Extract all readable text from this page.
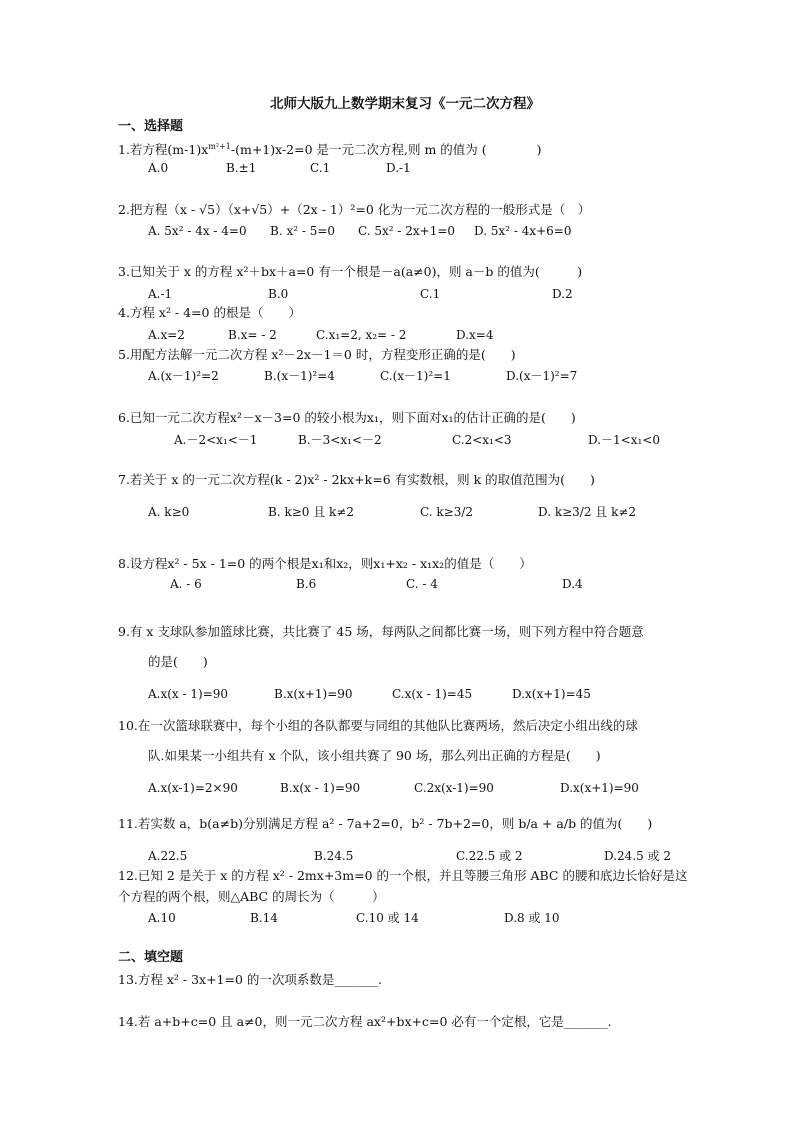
北师大版九上数学期末复习《一元二次方程》
一、选择题
1.若方程$(m-1)x^{m^2+1}-(m+1)x-2=0$ 是一元二次方程,则 m 的值为 (　　　　)
A.0	B.±1	C.1	D.-1
2.把方程（x - √5）（x+√5）+（2x - 1）²=0 化为一元二次方程的一般形式是（　）
A. 5x² - 4x - 4=0 B. x² - 5=0 C. 5x² - 2x+1=0 D. 5x² - 4x+6=0
3.已知关于 x 的方程 x²＋bx＋a=0 有一个根是－a(a≠0)，则 a－b 的值为(　　　)
A.-1	B.0	C.1	D.2
4.方程 x² - 4=0 的根是（　　）
A.x=2	B.x= - 2	C.x₁=2, x₂= - 2	D.x=4
5.用配方法解一元二次方程 x²－2x－1＝0 时，方程变形正确的是(　　)
A.(x－1)²=2	B.(x－1)²=4	C.(x－1)²=1	D.(x－1)²=7
6.已知一元二次方程x²－x－3=0 的较小根为x₁，则下面对x₁的估计正确的是(　　)
A.－2<x₁<－1	B.－3<x₁<－2	C.2<x₁<3	D.－1<x₁<0
7.若关于 x 的一元二次方程(k - 2)x² - 2kx+k=6 有实数根，则 k 的取值范围为(　　)
A. k≥0	B. k≥0 且 k≠2	C. k≥3/2	D. k≥3/2 且 k≠2
8.设方程x² - 5x - 1=0 的两个根是x₁和x₂，则x₁+x₂ - x₁x₂的值是（　　）
A. - 6	B.6	C. - 4	D.4
9.有 x 支球队参加篮球比赛，共比赛了 45 场，每两队之间都比赛一场，则下列方程中符合题意
的是(　　)
A.x(x - 1)=90	B.x(x+1)=90	C.x(x - 1)=45	D.x(x+1)=45
10.在一次篮球联赛中，每个小组的各队都要与同组的其他队比赛两场，然后决定小组出线的球
队.如果某一小组共有 x 个队，该小组共赛了 90 场，那么列出正确的方程是(　　)
A.x(x-1)=2×90	B.x(x - 1)=90	C.2x(x-1)=90	D.x(x+1)=90
11.若实数 a，b(a≠b)分别满足方程 a² - 7a+2=0，b² - 7b+2=0，则 b/a + a/b 的值为(　　)
A.22.5	B.24.5	C.22.5 或 2	D.24.5 或 2
12.已知 2 是关于 x 的方程 x² - 2mx+3m=0 的一个根，并且等腰三角形 ABC 的腰和底边长恰好是这
个方程的两个根，则△ABC 的周长为（　　　）
A.10	B.14	C.10 或 14	D.8 或 10
二、填空题
13.方程 x² - 3x+1=0 的一次项系数是_______.
14.若 a+b+c=0 且 a≠0，则一元二次方程 ax²+bx+c=0 必有一个定根，它是_______.
